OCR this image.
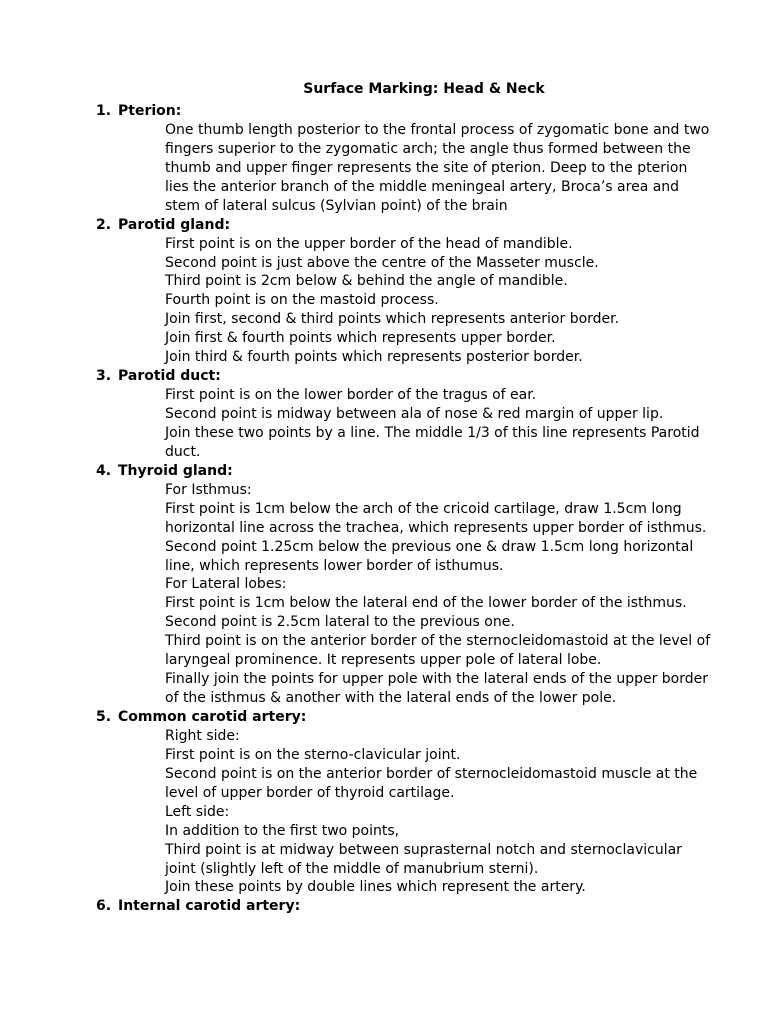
Surface Marking: Head & Neck
1. Pterion:
One thumb length posterior to the frontal process of zygomatic bone and two
fingers superior to the zygomatic arch; the angle thus formed between the
thumb and upper finger represents the site of pterion. Deep to the pterion
lies the anterior branch of the middle meningeal artery, Broca’s area and
stem of lateral sulcus (Sylvian point) of the brain
2. Parotid gland:
First point is on the upper border of the head of mandible.
Second point is just above the centre of the Masseter muscle.
Third point is 2cm below & behind the angle of mandible.
Fourth point is on the mastoid process.
Join first, second & third points which represents anterior border.
Join first & fourth points which represents upper border.
Join third & fourth points which represents posterior border.
3. Parotid duct:
First point is on the lower border of the tragus of ear.
Second point is midway between ala of nose & red margin of upper lip.
Join these two points by a line. The middle 1/3 of this line represents Parotid
duct.
4. Thyroid gland:
For Isthmus:
First point is 1cm below the arch of the cricoid cartilage, draw 1.5cm long
horizontal line across the trachea, which represents upper border of isthmus.
Second point 1.25cm below the previous one & draw 1.5cm long horizontal
line, which represents lower border of isthumus.
For Lateral lobes:
First point is 1cm below the lateral end of the lower border of the isthmus.
Second point is 2.5cm lateral to the previous one.
Third point is on the anterior border of the sternocleidomastoid at the level of
laryngeal prominence. It represents upper pole of lateral lobe.
Finally join the points for upper pole with the lateral ends of the upper border
of the isthmus & another with the lateral ends of the lower pole.
5. Common carotid artery:
Right side:
First point is on the sterno-clavicular joint.
Second point is on the anterior border of sternocleidomastoid muscle at the
level of upper border of thyroid cartilage.
Left side:
In addition to the first two points,
Third point is at midway between suprasternal notch and sternoclavicular
joint (slightly left of the middle of manubrium sterni).
Join these points by double lines which represent the artery.
6. Internal carotid artery:
